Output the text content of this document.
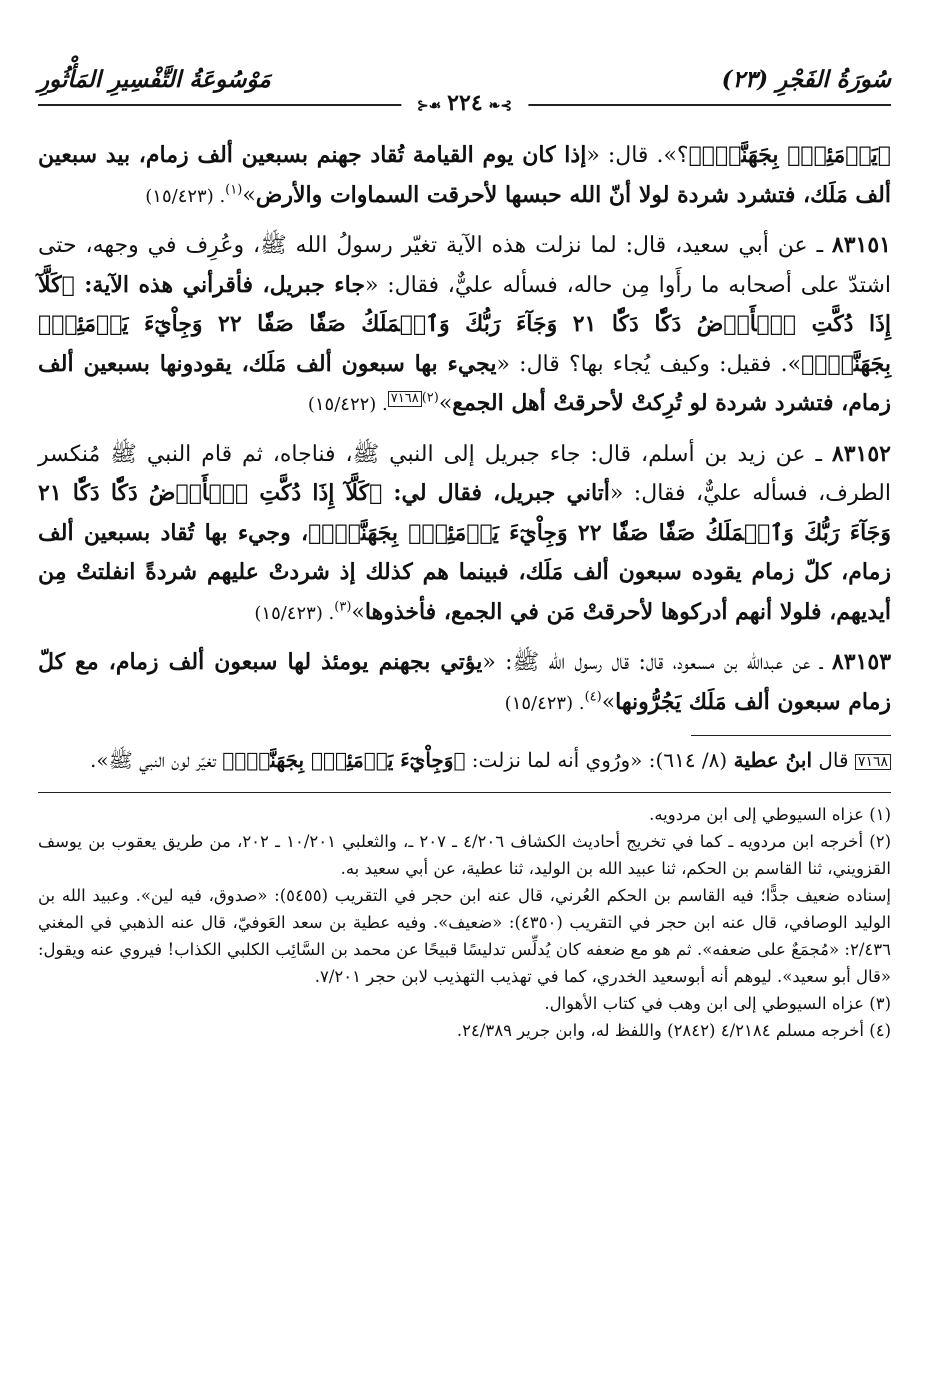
سُورَةُ الفَجْرِ (٢٣)
مَوْسُوعَةُ التَّفْسِيرِ المَأْثُورِ
⊱❧٢٢٤☙⊰

﴿يَوۡمَئِذِۭ بِجَهَنَّمَۚ﴾؟». قال: «إذا كان يوم القيامة تُقاد جهنم بسبعين ألف زمام، بيد سبعين ألف مَلَك، فتشرد شردة لولا أنّ الله حبسها لأحرقت السماوات والأرض»$^{(١)}$. (١٥/٤٢٣)

٨٣١٥١ ـ عن أبي سعيد، قال: لما نزلت هذه الآية تغيّر رسولُ الله ﷺ، وعُرِف في وجهه، حتى اشتدّ على أصحابه ما رأَوا مِن حاله، فسأله عليٌّ، فقال: «جاء جبريل، فأقرأني هذه الآية: ﴿كَلَّآ إِذَا دُكَّتِ ٱلۡأَرۡضُ دَكّٗا دَكّٗا ٢١ وَجَآءَ رَبُّكَ وَٱلۡمَلَكُ صَفّٗا صَفّٗا ٢٢ وَجِاْيٓءَ يَوۡمَئِذِۭ بِجَهَنَّمَۚ﴾». فقيل: وكيف يُجاء بها؟ قال: «يجيء بها سبعون ألف مَلَك، يقودونها بسبعين ألف زمام، فتشرد شردة لو تُرِكتْ لأحرقتْ أهل الجمع»$^{(٢)}$٧١٦٨. (١٥/٤٢٢)

٨٣١٥٢ ـ عن زيد بن أسلم، قال: جاء جبريل إلى النبي ﷺ، فناجاه، ثم قام النبي ﷺ مُنكسر الطرف، فسأله عليٌّ، فقال: «أتاني جبريل، فقال لي: ﴿كَلَّآ إِذَا دُكَّتِ ٱلۡأَرۡضُ دَكّٗا دَكّٗا ٢١ وَجَآءَ رَبُّكَ وَٱلۡمَلَكُ صَفّٗا صَفّٗا ٢٢ وَجِاْيٓءَ يَوۡمَئِذِۭ بِجَهَنَّمَۚ﴾، وجيء بها تُقاد بسبعين ألف زمام، كلّ زمام يقوده سبعون ألف مَلَك، فبينما هم كذلك إذ شردتْ عليهم شردةً انفلتتْ مِن أيديهم، فلولا أنهم أدركوها لأحرقتْ مَن في الجمع، فأخذوها»$^{(٣)}$. (١٥/٤٢٣)

٨٣١٥٣ ـ عن عبدالله بن مسعود، قال: قال رسول الله ﷺ: «يؤتي بجهنم يومئذ لها سبعون ألف زمام، مع كلّ زمام سبعون ألف مَلَك يَجُرُّونها»$^{(٤)}$. (١٥/٤٢٣)

٧١٦٨ قال ابنُ عطية (٨/ ٦١٤): «ورُوي أنه لما نزلت: ﴿وَجِاْيٓءَ يَوۡمَئِذِۭ بِجَهَنَّمَۚ﴾ تغيّر لون النبي ﷺ».

(١) عزاه السيوطي إلى ابن مردويه.

(٢) أخرجه ابن مردويه ـ كما في تخريج أحاديث الكشاف ٤/٢٠٦ ـ ٢٠٧ ـ، والثعلبي ١٠/٢٠١ ـ ٢٠٢، من طريق يعقوب بن يوسف القزويني، ثنا القاسم بن الحكم، ثنا عبيد الله بن الوليد، ثنا عطية، عن أبي سعيد به.

إسناده ضعيف جدًّا؛ فيه القاسم بن الحكم العُرني، قال عنه ابن حجر في التقريب (٥٤٥٥): «صدوق، فيه لين». وعبيد الله بن الوليد الوصافي، قال عنه ابن حجر في التقريب (٤٣٥٠): «ضعيف». وفيه عطية بن سعد العَوفيّ، قال عنه الذهبي في المغني ٢/٤٣٦: «مُجمَعٌ على ضعفه». ثم هو مع ضعفه كان يُدلِّس تدليسًا قبيحًا عن محمد بن السَّائِب الكلبي الكذاب! فيروي عنه ويقول: «قال أبو سعيد». ليوهم أنه أبوسعيد الخدري، كما في تهذيب التهذيب لابن حجر ٧/٢٠١.

(٣) عزاه السيوطي إلى ابن وهب في كتاب الأهوال.

(٤) أخرجه مسلم ٤/٢١٨٤ (٢٨٤٢) واللفظ له، وابن جرير ٢٤/٣٨٩.
